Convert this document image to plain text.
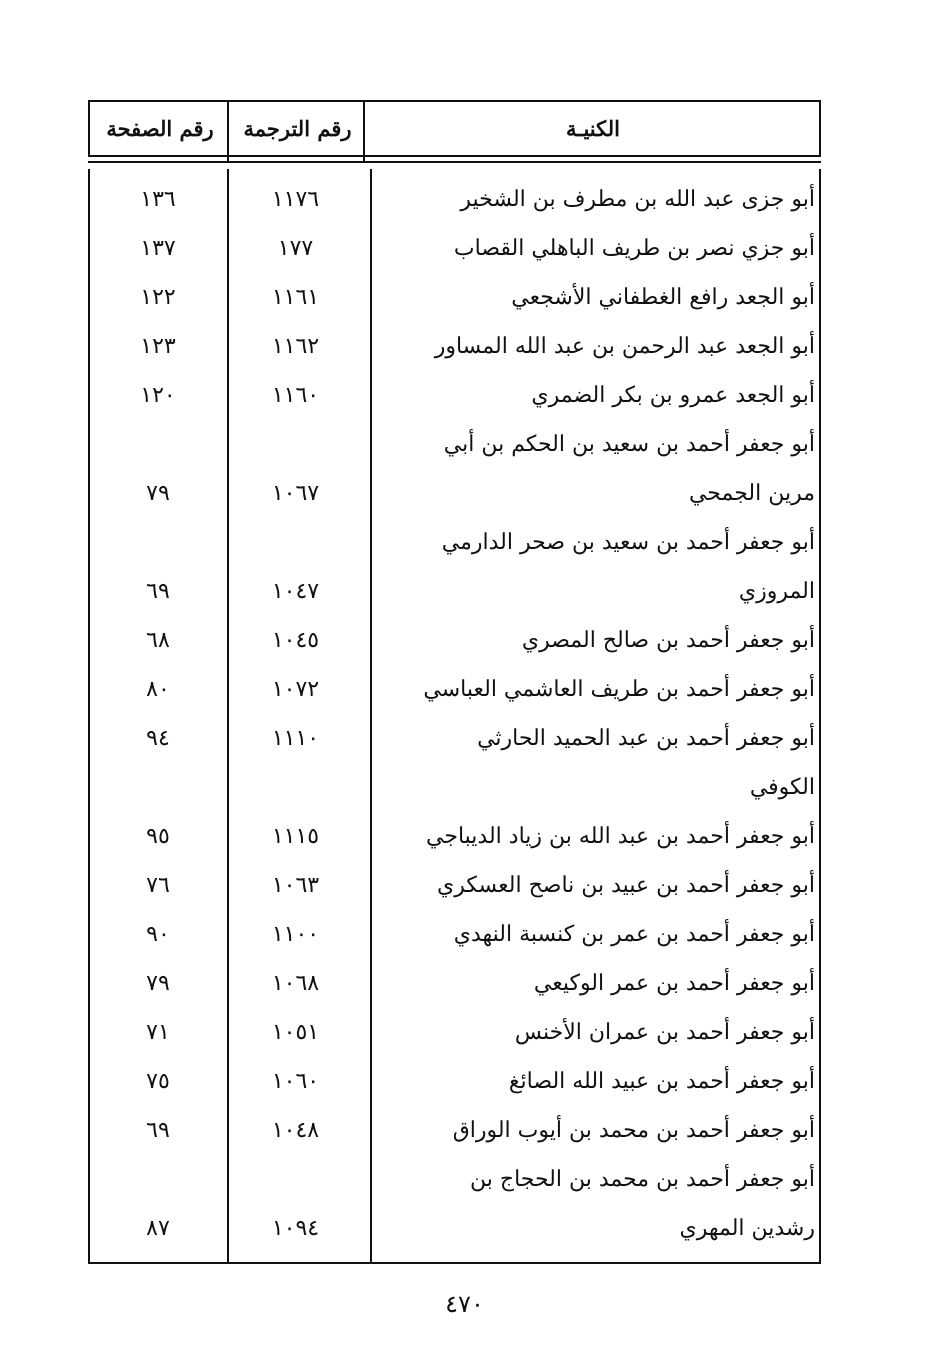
الكنيـة
رقم الترجمة
رقم الصفحة
أبو جزى عبد الله بن مطرف بن الشخير
١١٧٦
١٣٦
أبو جزي نصر بن طريف الباهلي القصاب
١٧٧
١٣٧
أبو الجعد رافع الغطفاني الأشجعي
١١٦١
١٢٢
أبو الجعد عبد الرحمن بن عبد الله المساور
١١٦٢
١٢٣
أبو الجعد عمرو بن بكر الضمري
١١٦٠
١٢٠
أبو جعفر أحمد بن سعيد بن الحكم بن أبي
مرين الجمحي
١٠٦٧
٧٩
أبو جعفر أحمد بن سعيد بن صحر الدارمي
المروزي
١٠٤٧
٦٩
أبو جعفر أحمد بن صالح المصري
١٠٤٥
٦٨
أبو جعفر أحمد بن طريف العاشمي العباسي
١٠٧٢
٨٠
أبو جعفر أحمد بن عبد الحميد الحارثي
١١١٠
٩٤
الكوفي
أبو جعفر أحمد بن عبد الله بن زياد الديباجي
١١١٥
٩٥
أبو جعفر أحمد بن عبيد بن ناصح العسكري
١٠٦٣
٧٦
أبو جعفر أحمد بن عمر بن كنسبة النهدي
١١٠٠
٩٠
أبو جعفر أحمد بن عمر الوكيعي
١٠٦٨
٧٩
أبو جعفر أحمد بن عمران الأخنس
١٠٥١
٧١
أبو جعفر أحمد بن عبيد الله الصائغ
١٠٦٠
٧٥
أبو جعفر أحمد بن محمد بن أيوب الوراق
١٠٤٨
٦٩
أبو جعفر أحمد بن محمد بن الحجاج بن
رشدين المهري
١٠٩٤
٨٧
٤٧٠
